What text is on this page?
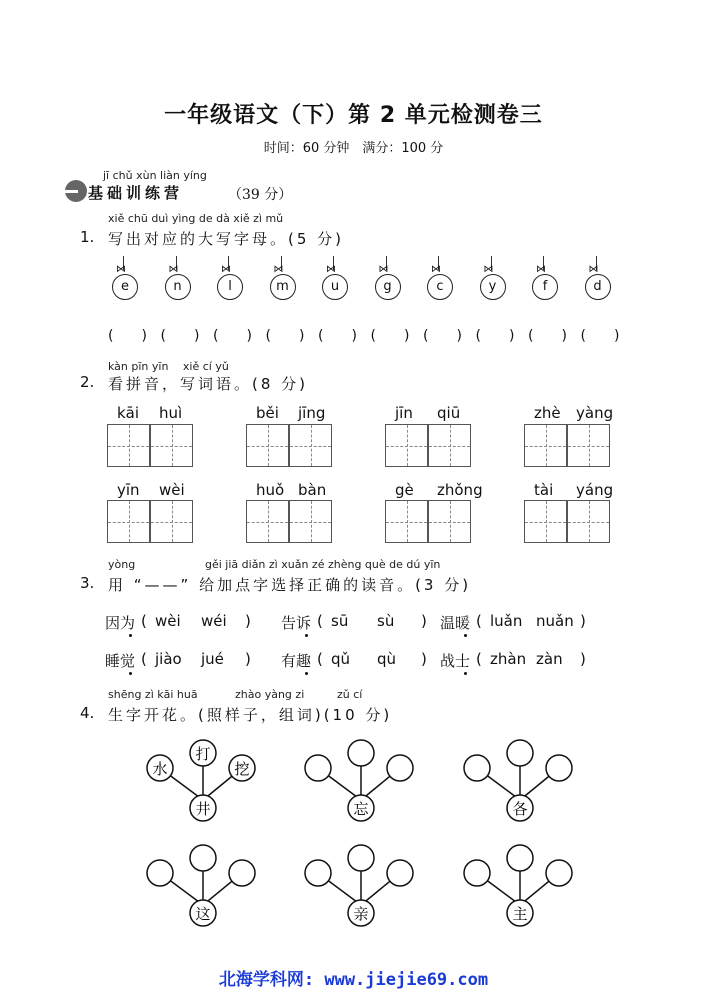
一年级语文（下）第 2 单元检测卷三
时间：60 分钟　满分：100 分
jī chǔ xùn liàn yíng
基础训练营	（39 分）
xiě chū duì yìng de dà xiě zì mǔ
1. 写出对应的大写字母。(5 分)
⋈
e
⋈
n
⋈
l
⋈
m
⋈
u
⋈
g
⋈
c
⋈
y
⋈
f
⋈
d
(　　) (　　) (　　) (　　) (　　) (　　) (　　) (　　) (　　) (　　)
kàn pīn yīn　 xiě cí yǔ
2. 看拼音，写词语。(8 分)
kāi huì	běi jīng	jīn qiū	zhè yàng
yīn wèi	huǒ bàn	gè zhǒng	tài yáng
yòng	gěi jiā diǎn zì xuǎn zé zhèng què de dú yīn
3. 用 “——” 给加点字选择正确的读音。(3 分)
因为 ( wèi wéi ) 告诉 ( sū sù ) 温暖 ( luǎn nuǎn )
睡觉 ( jiào jué ) 有趣 ( qǔ qù ) 战士 ( zhàn zàn )
shēng zì kāi huā	zhào yàng zi	zǔ cí
4. 生字开花。(照样子，组词)(10 分)
水
打
挖
井	忘	各
这	亲	主
北海学科网: www.jiejie69.com
